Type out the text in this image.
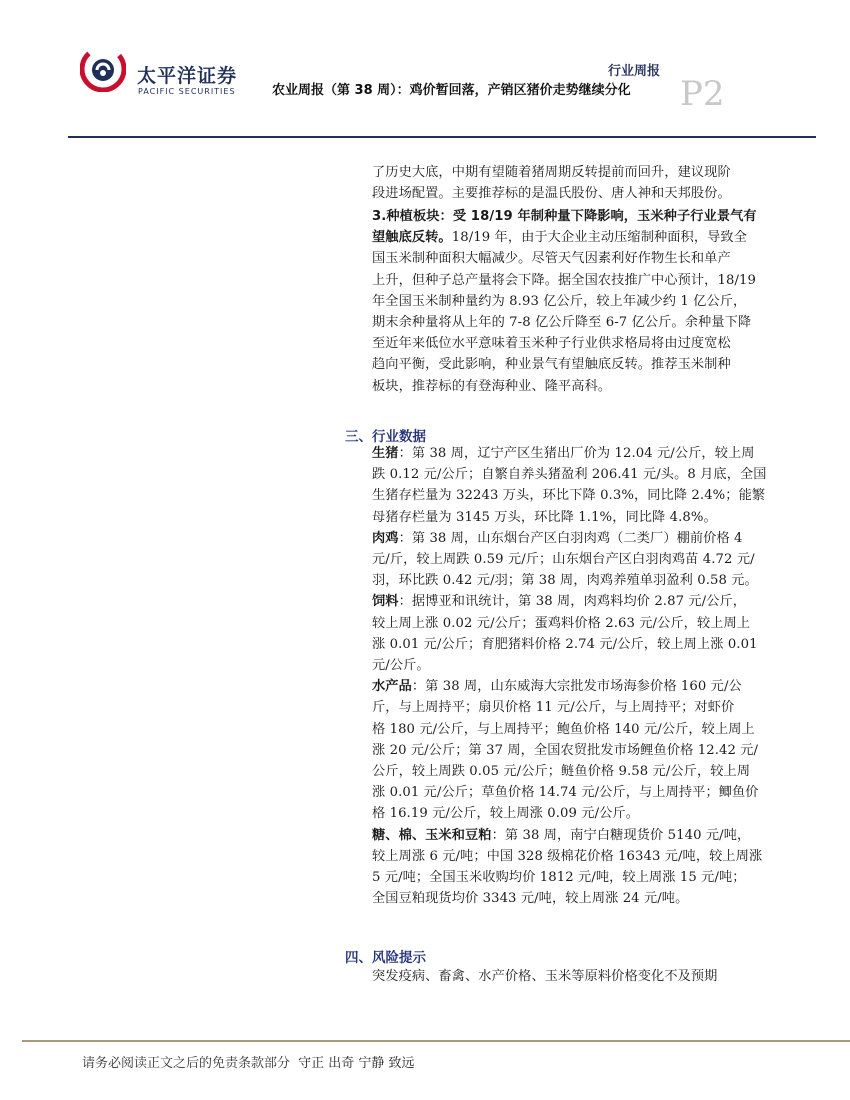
太平洋证券
PACIFIC SECURITIES
行业周报
农业周报（第 38 周）：鸡价暂回落，产销区猪价走势继续分化 P2

了历史大底，中期有望随着猪周期反转提前而回升，建议现阶

段进场配置。主要推荐标的是温氏股份、唐人神和天邦股份。

3.种植板块：受 18/19 年制种量下降影响，玉米种子行业景气有

望触底反转。18/19 年，由于大企业主动压缩制种面积，导致全

国玉米制种面积大幅减少。尽管天气因素利好作物生长和单产

上升，但种子总产量将会下降。据全国农技推广中心预计，18/19

年全国玉米制种量约为 8.93 亿公斤，较上年减少约 1 亿公斤，

期末余种量将从上年的 7-8 亿公斤降至 6-7 亿公斤。余种量下降

至近年来低位水平意味着玉米种子行业供求格局将由过度宽松

趋向平衡，受此影响，种业景气有望触底反转。推荐玉米制种

板块，推荐标的有登海种业、隆平高科。

三、行业数据

生猪：第 38 周，辽宁产区生猪出厂价为 12.04 元/公斤，较上周

跌 0.12 元/公斤；自繁自养头猪盈利 206.41 元/头。8 月底，全国

生猪存栏量为 32243 万头，环比下降 0.3%，同比降 2.4%；能繁

母猪存栏量为 3145 万头，环比降 1.1%，同比降 4.8%。

肉鸡：第 38 周，山东烟台产区白羽肉鸡（二类厂）棚前价格 4

元/斤，较上周跌 0.59 元/斤；山东烟台产区白羽肉鸡苗 4.72 元/

羽，环比跌 0.42 元/羽；第 38 周，肉鸡养殖单羽盈利 0.58 元。

饲料：据博亚和讯统计，第 38 周，肉鸡料均价 2.87 元/公斤，

较上周上涨 0.02 元/公斤；蛋鸡料价格 2.63 元/公斤，较上周上

涨 0.01 元/公斤；育肥猪料价格 2.74 元/公斤，较上周上涨 0.01

元/公斤。

水产品：第 38 周，山东威海大宗批发市场海参价格 160 元/公

斤，与上周持平；扇贝价格 11 元/公斤，与上周持平；对虾价

格 180 元/公斤，与上周持平；鲍鱼价格 140 元/公斤，较上周上

涨 20 元/公斤；第 37 周，全国农贸批发市场鲤鱼价格 12.42 元/

公斤，较上周跌 0.05 元/公斤；鲢鱼价格 9.58 元/公斤，较上周

涨 0.01 元/公斤；草鱼价格 14.74 元/公斤，与上周持平；鲫鱼价

格 16.19 元/公斤，较上周涨 0.09 元/公斤。

糖、棉、玉米和豆粕：第 38 周，南宁白糖现货价 5140 元/吨，

较上周涨 6 元/吨；中国 328 级棉花价格 16343 元/吨，较上周涨

5 元/吨；全国玉米收购均价 1812 元/吨，较上周涨 15 元/吨；

全国豆粕现货均价 3343 元/吨，较上周涨 24 元/吨。

四、风险提示

突发疫病、畜禽、水产价格、玉米等原料价格变化不及预期

请务必阅读正文之后的免责条款部分 守正 出奇 宁静 致远
